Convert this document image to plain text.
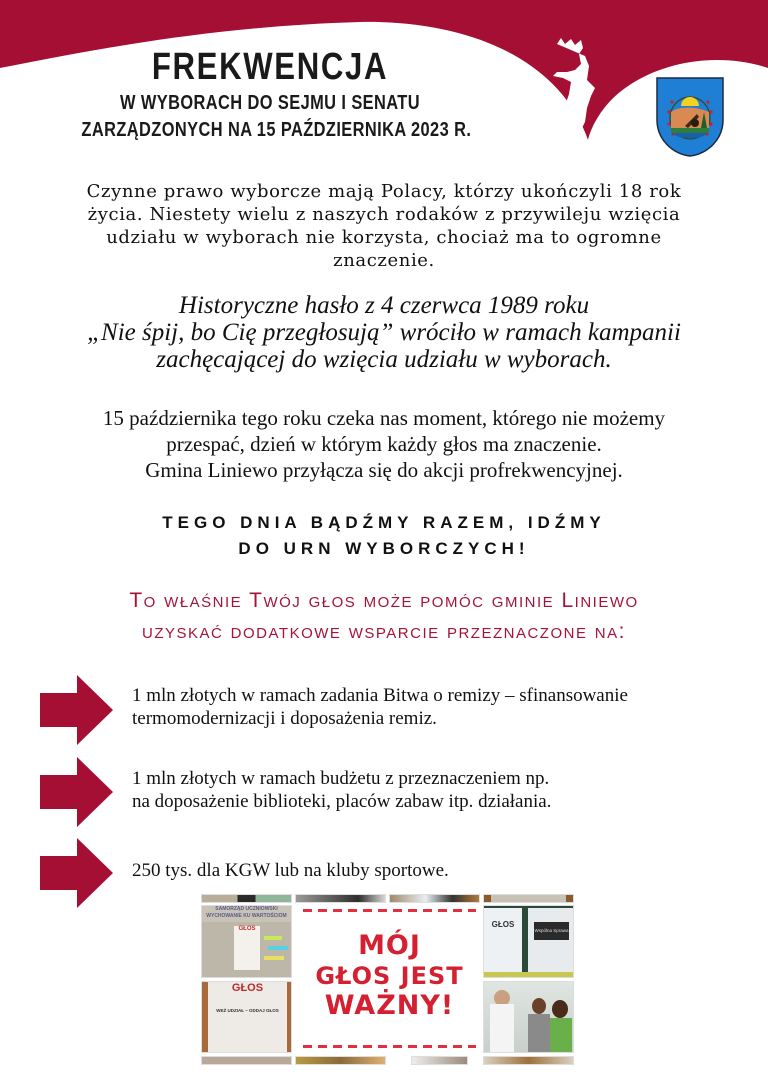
FREKWENCJA
W WYBORACH DO SEJMU I SENATU
ZARZĄDZONYCH NA 15 PAŹDZIERNIKA 2023 R.
Czynne prawo wyborcze mają Polacy, którzy ukończyli 18 rok życia. Niestety wielu z naszych rodaków z przywileju wzięcia udziału w wyborach nie korzysta, chociaż ma to ogromne znaczenie.
Historyczne hasło z 4 czerwca 1989 roku
„Nie śpij, bo Cię przegłosują” wróciło w ramach kampanii
zachęcającej do wzięcia udziału w wyborach.
15 października tego roku czeka nas moment, którego nie możemy
przespać, dzień w którym każdy głos ma znaczenie.
Gmina Liniewo przyłącza się do akcji profrekwencyjnej.
TEGO DNIA BĄDŹMY RAZEM, IDŹMY
DO URN WYBORCZYCH!
To właśnie Twój głos może pomóc gminie Liniewo
uzyskać dodatkowe wsparcie przeznaczone na:
1 mln złotych w ramach zadania Bitwa o remizy – sfinansowanie
termomodernizacji i doposażenia remiz.
1 mln złotych w ramach budżetu z przeznaczeniem np.
na doposażenie biblioteki, placów zabaw itp. działania.
250 tys. dla KGW lub na kluby sportowe.
SAMORZĄD UCZNIOWSKI
WYCHOWANIE KU WARTOŚCIOM
GŁOS
GŁOS
WEŹ UDZIAŁ – ODDAJ GŁOS
MÓJ
GŁOS JEST
WAŻNY!
GŁOS
Wspólna Sprawa
